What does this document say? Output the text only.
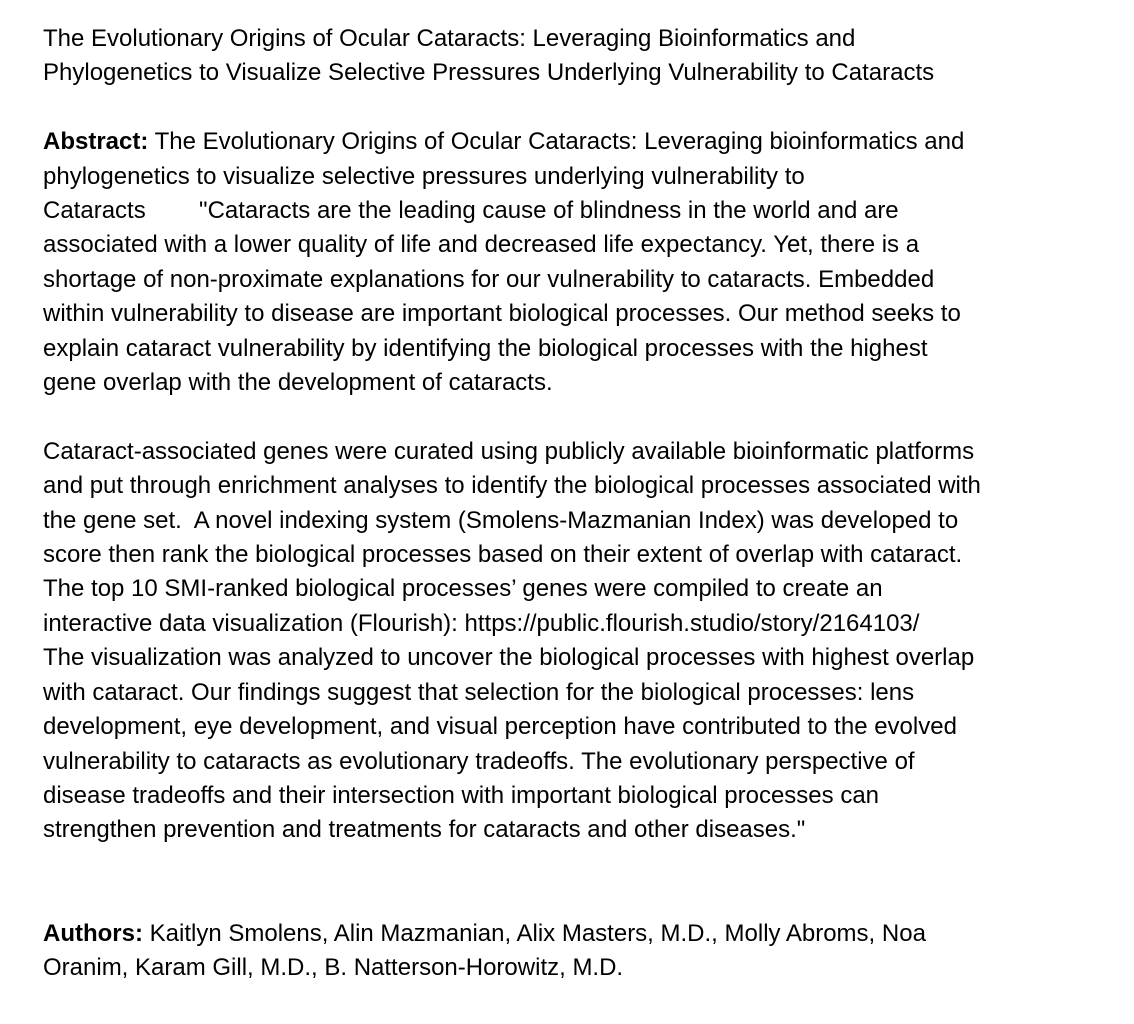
The Evolutionary Origins of Ocular Cataracts: Leveraging Bioinformatics and
Phylogenetics to Visualize Selective Pressures Underlying Vulnerability to Cataracts
Abstract: The Evolutionary Origins of Ocular Cataracts: Leveraging bioinformatics and
phylogenetics to visualize selective pressures underlying vulnerability to
Cataracts        "Cataracts are the leading cause of blindness in the world and are
associated with a lower quality of life and decreased life expectancy. Yet, there is a
shortage of non-proximate explanations for our vulnerability to cataracts. Embedded
within vulnerability to disease are important biological processes. Our method seeks to
explain cataract vulnerability by identifying the biological processes with the highest
gene overlap with the development of cataracts.
Cataract-associated genes were curated using publicly available bioinformatic platforms
and put through enrichment analyses to identify the biological processes associated with
the gene set.  A novel indexing system (Smolens-Mazmanian Index) was developed to
score then rank the biological processes based on their extent of overlap with cataract.
The top 10 SMI-ranked biological processes’ genes were compiled to create an
interactive data visualization (Flourish): https://public.flourish.studio/story/2164103/
The visualization was analyzed to uncover the biological processes with highest overlap
with cataract. Our findings suggest that selection for the biological processes: lens
development, eye development, and visual perception have contributed to the evolved
vulnerability to cataracts as evolutionary tradeoffs. The evolutionary perspective of
disease tradeoffs and their intersection with important biological processes can
strengthen prevention and treatments for cataracts and other diseases."
Authors: Kaitlyn Smolens, Alin Mazmanian, Alix Masters, M.D., Molly Abroms, Noa
Oranim, Karam Gill, M.D., B. Natterson-Horowitz, M.D.
